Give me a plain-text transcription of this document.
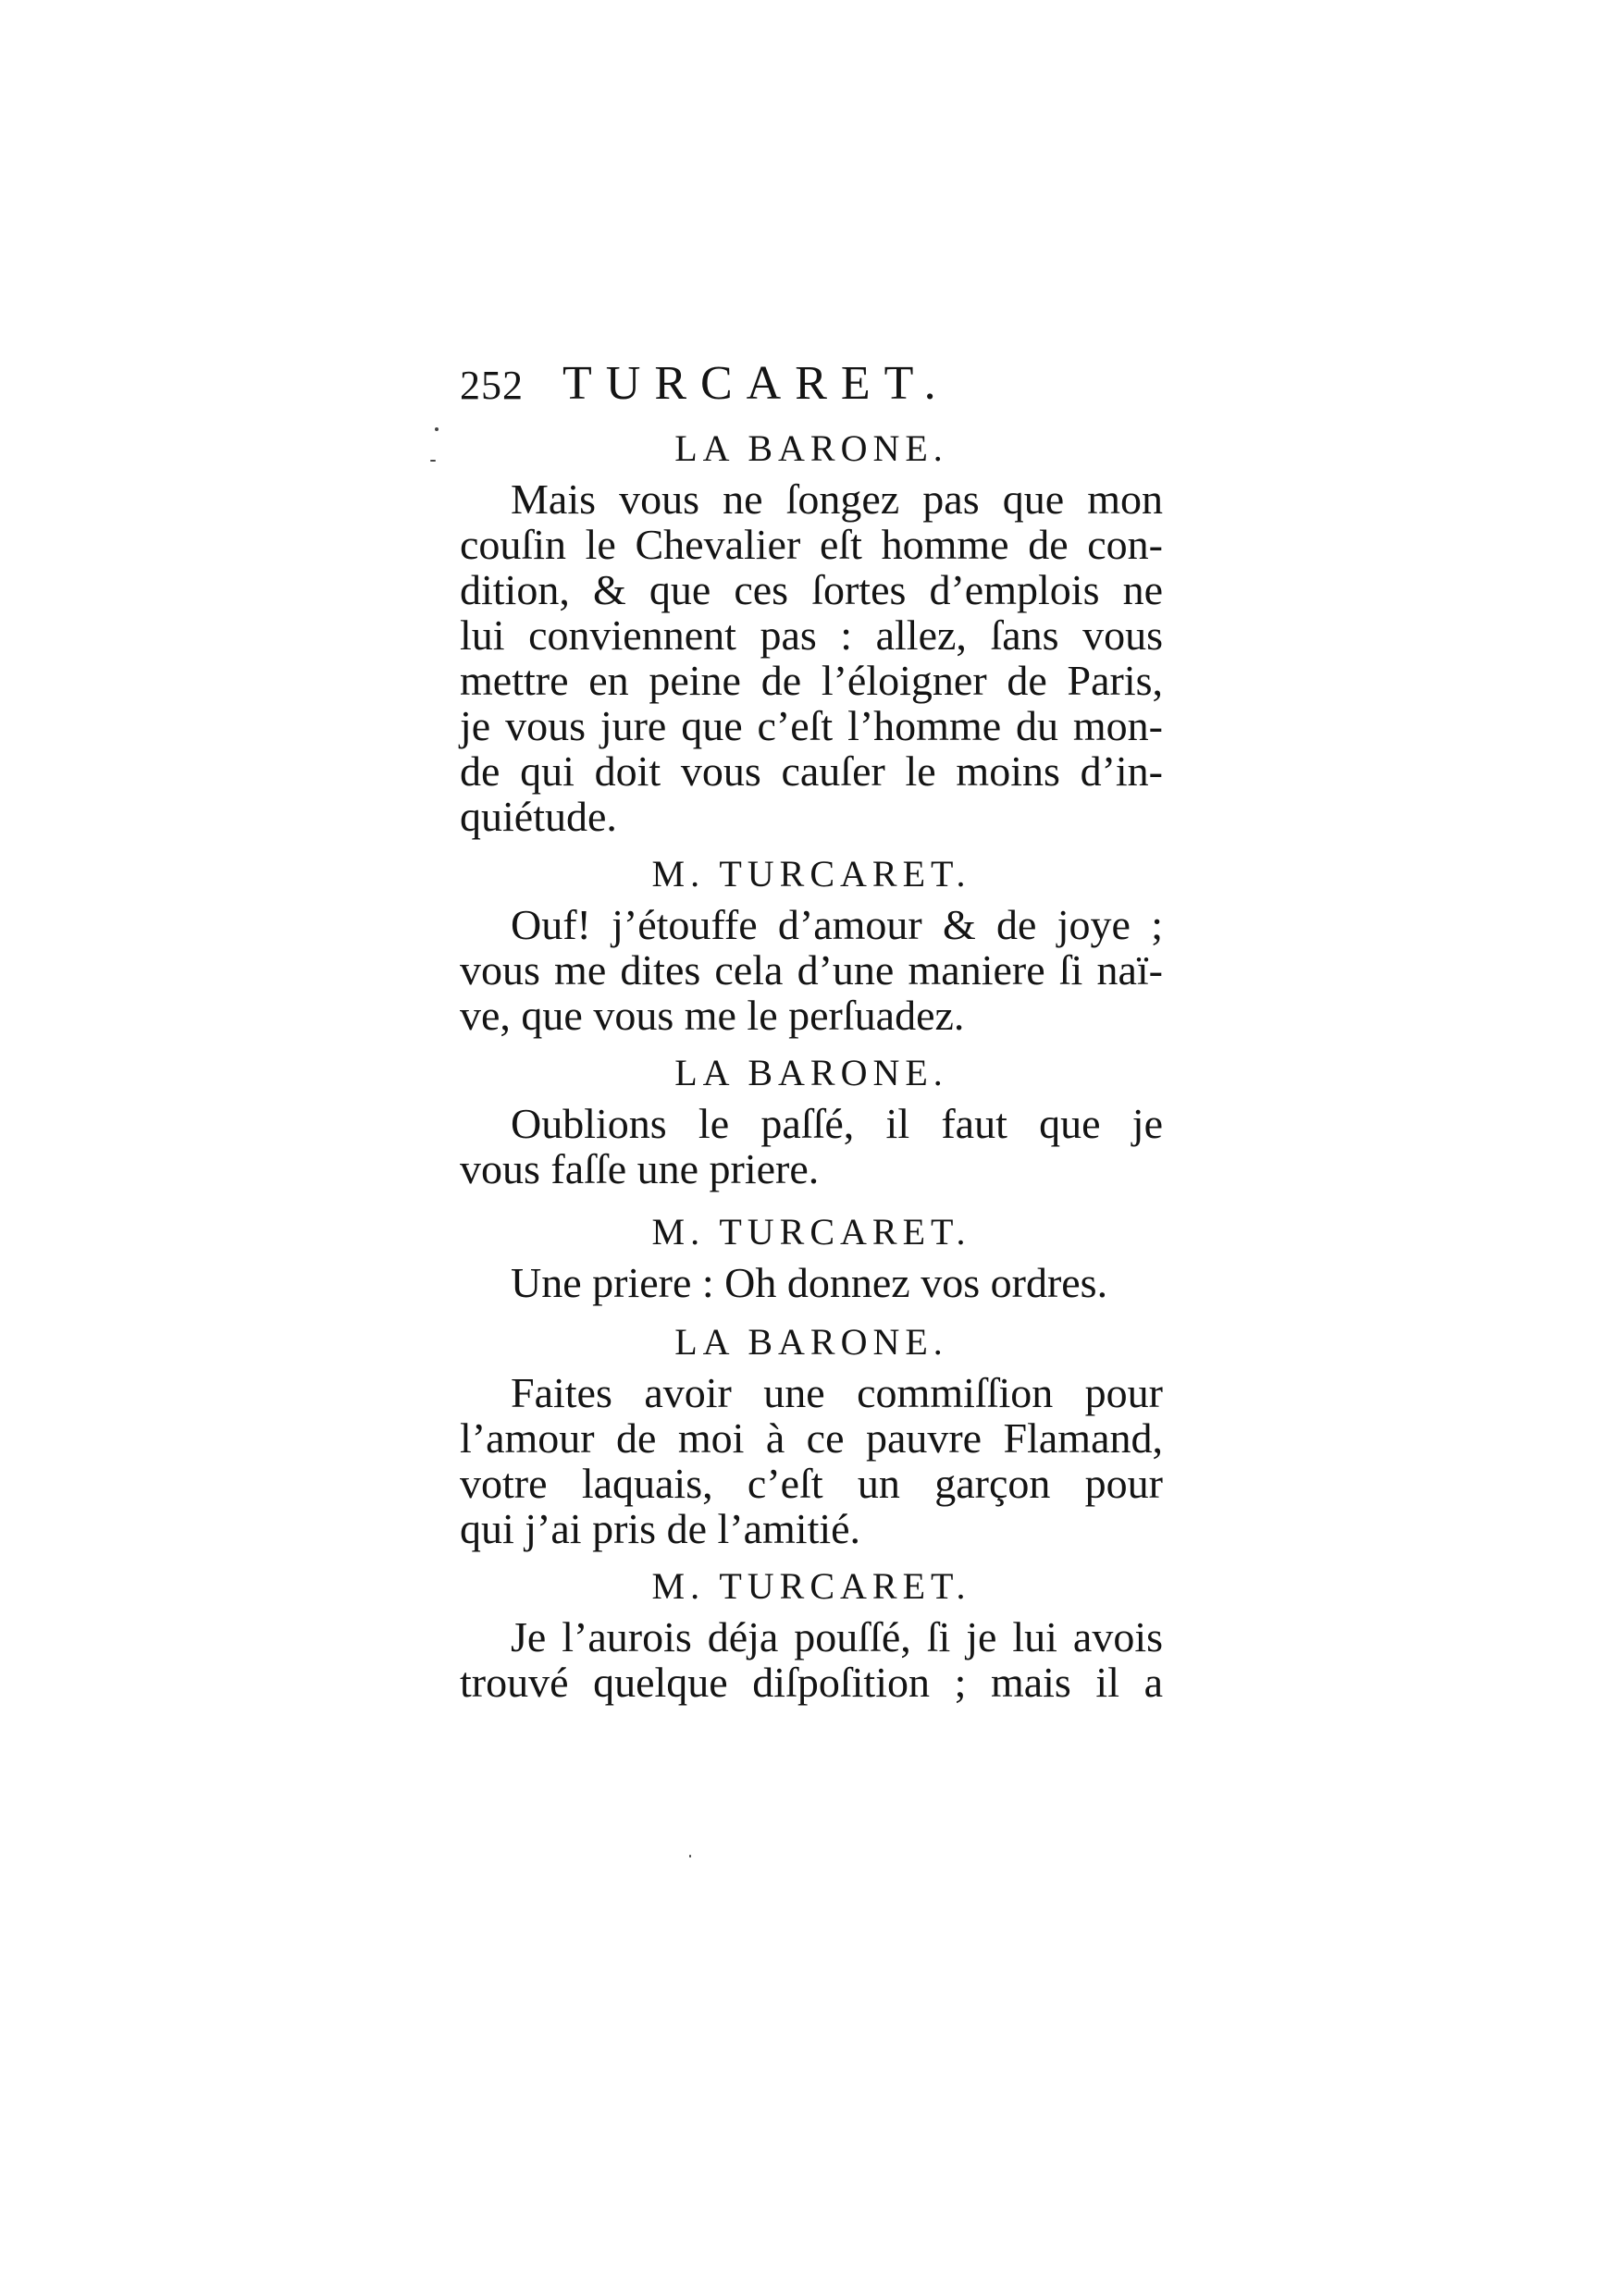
252 TURCARET.
LA BARONE.
Mais vous ne ſongez pas que mon
couſin le Chevalier eſt homme de con-
dition, & que ces ſortes d’emplois ne
lui conviennent pas : allez, ſans vous
mettre en peine de l’éloigner de Paris,
je vous jure que c’eſt l’homme du mon-
de qui doit vous cauſer le moins d’in-
quiétude.
M. TURCARET.
Ouf! j’étouffe d’amour & de joye ;
vous me dites cela d’une maniere ſi naï-
ve, que vous me le perſuadez.
LA BARONE.
Oublions le paſſé, il faut que je
vous faſſe une priere.
M. TURCARET.
Une priere : Oh donnez vos ordres.
LA BARONE.
Faites avoir une commiſſion pour
l’amour de moi à ce pauvre Flamand,
votre laquais, c’eſt un garçon pour
qui j’ai pris de l’amitié.
M. TURCARET.
Je l’aurois déja pouſſé, ſi je lui avois
trouvé quelque diſpoſition ; mais il a
